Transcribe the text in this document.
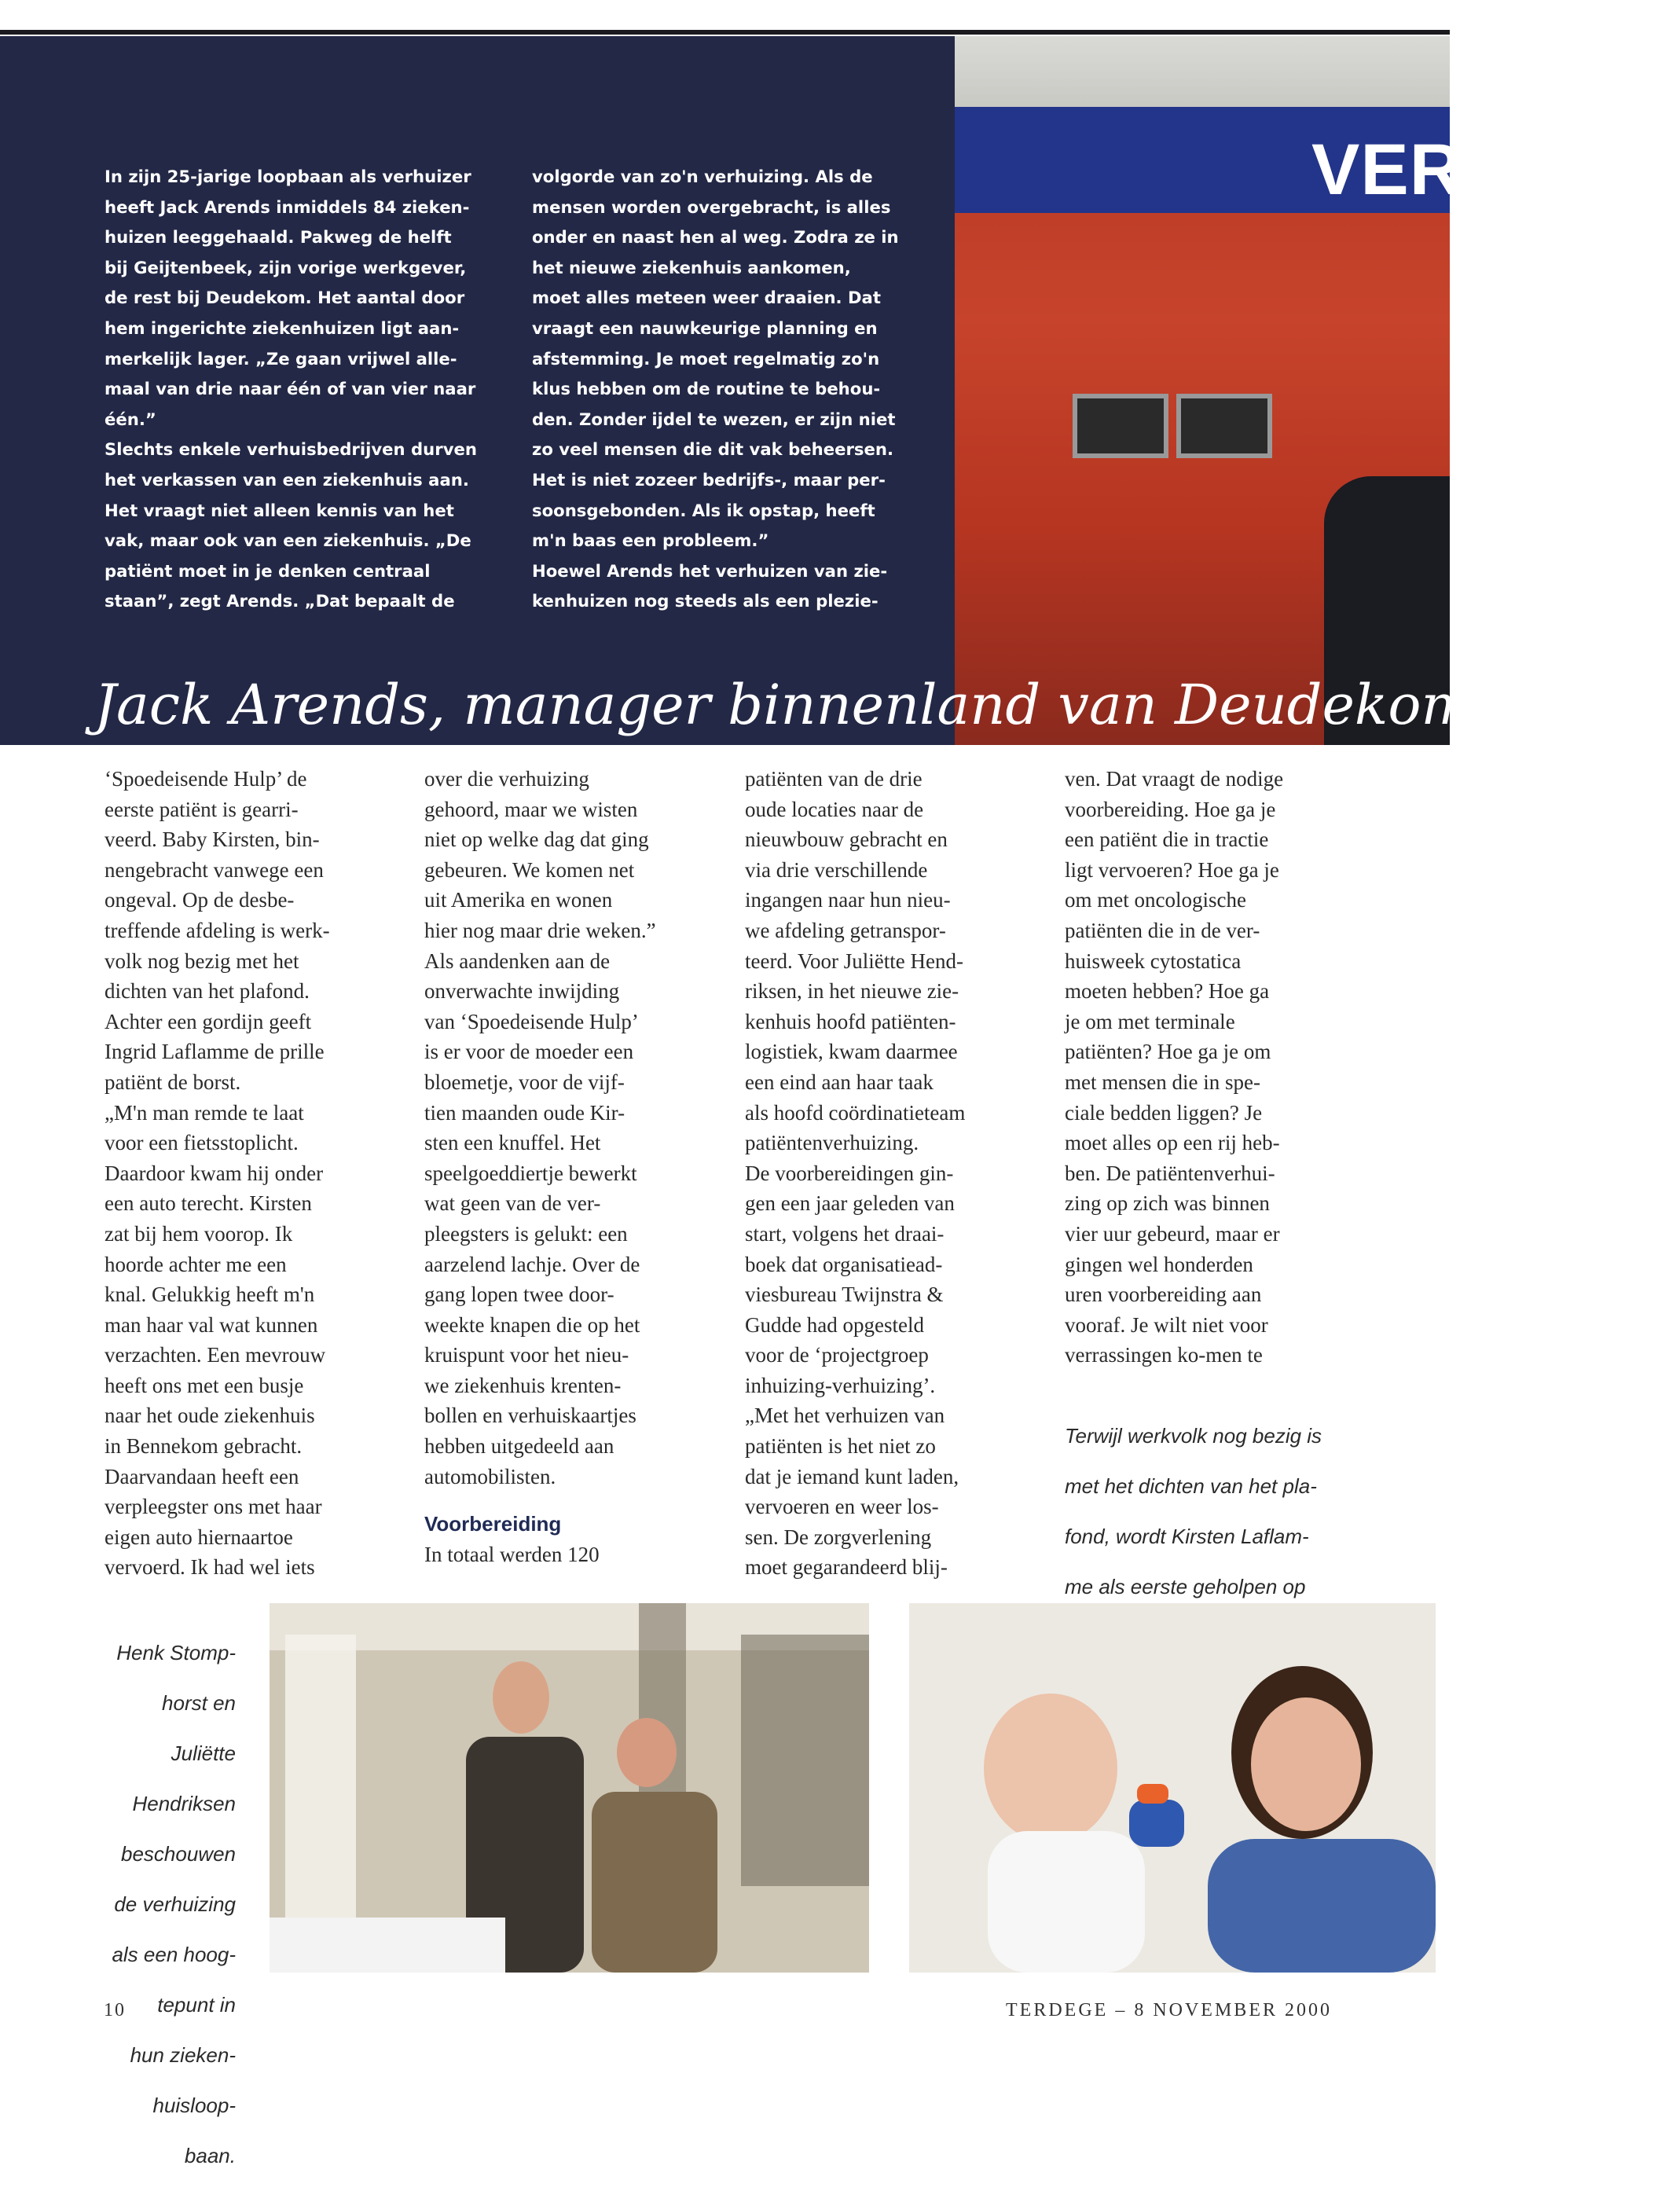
VERI

In zijn 25-jarige loopbaan als verhuizer

heeft Jack Arends inmiddels 84 zieken-

huizen leeggehaald. Pakweg de helft

bij Geijtenbeek, zijn vorige werkgever,

de rest bij Deudekom. Het aantal door

hem ingerichte ziekenhuizen ligt aan-

merkelijk lager. „Ze gaan vrijwel alle-

maal van drie naar één of van vier naar

één.”

Slechts enkele verhuisbedrijven durven

het verkassen van een ziekenhuis aan.

Het vraagt niet alleen kennis van het

vak, maar ook van een ziekenhuis. „De

patiënt moet in je denken centraal

staan”, zegt Arends. „Dat bepaalt de

volgorde van zo'n verhuizing. Als de

mensen worden overgebracht, is alles

onder en naast hen al weg. Zodra ze in

het nieuwe ziekenhuis aankomen,

moet alles meteen weer draaien. Dat

vraagt een nauwkeurige planning en

afstemming. Je moet regelmatig zo'n

klus hebben om de routine te behou-

den. Zonder ijdel te wezen, er zijn niet

zo veel mensen die dit vak beheersen.

Het is niet zozeer bedrijfs-, maar per-

soonsgebonden. Als ik opstap, heeft

m'n baas een probleem.”

Hoewel Arends het verhuizen van zie-

kenhuizen nog steeds als een plezie-

Jack Arends, manager binnenland van Deudekom: „Het t

‘Spoedeisende Hulp’ de

eerste patiënt is gearri-

veerd. Baby Kirsten, bin-

nengebracht vanwege een

ongeval. Op de desbe-

treffende afdeling is werk-

volk nog bezig met het

dichten van het plafond.

Achter een gordijn geeft

Ingrid Laflamme de prille

patiënt de borst.

„M'n man remde te laat

voor een fietsstoplicht.

Daardoor kwam hij onder

een auto terecht. Kirsten

zat bij hem voorop. Ik

hoorde achter me een

knal. Gelukkig heeft m'n

man haar val wat kunnen

verzachten. Een mevrouw

heeft ons met een busje

naar het oude ziekenhuis

in Bennekom gebracht.

Daarvandaan heeft een

verpleegster ons met haar

eigen auto hiernaartoe

vervoerd. Ik had wel iets

over die verhuizing

gehoord, maar we wisten

niet op welke dag dat ging

gebeuren. We komen net

uit Amerika en wonen

hier nog maar drie weken.”

Als aandenken aan de

onverwachte inwijding

van ‘Spoedeisende Hulp’

is er voor de moeder een

bloemetje, voor de vijf-

tien maanden oude Kir-

sten een knuffel. Het

speelgoeddiertje bewerkt

wat geen van de ver-

pleegsters is gelukt: een

aarzelend lachje. Over de

gang lopen twee door-

weekte knapen die op het

kruispunt voor het nieu-

we ziekenhuis krenten-

bollen en verhuiskaartjes

hebben uitgedeeld aan

automobilisten.

Voorbereiding

In totaal werden 120

patiënten van de drie

oude locaties naar de

nieuwbouw gebracht en

via drie verschillende

ingangen naar hun nieu-

we afdeling getranspor-

teerd. Voor Juliëtte Hend-

riksen, in het nieuwe zie-

kenhuis hoofd patiënten-

logistiek, kwam daarmee

een eind aan haar taak

als hoofd coördinatieteam

patiëntenverhuizing.

De voorbereidingen gin-

gen een jaar geleden van

start, volgens het draai-

boek dat organisatiead-

viesbureau Twijnstra &

Gudde had opgesteld

voor de ‘projectgroep

inhuizing-verhuizing’.

„Met het verhuizen van

patiënten is het niet zo

dat je iemand kunt laden,

vervoeren en weer los-

sen. De zorgverlening

moet gegarandeerd blij-

ven. Dat vraagt de nodige

voorbereiding. Hoe ga je

een patiënt die in tractie

ligt vervoeren? Hoe ga je

om met oncologische

patiënten die in de ver-

huisweek cytostatica

moeten hebben? Hoe ga

je om met terminale

patiënten? Hoe ga je om

met mensen die in spe-

ciale bedden liggen? Je

moet alles op een rij heb-

ben. De patiëntenverhui-

zing op zich was binnen

vier uur gebeurd, maar er

gingen wel honderden

uren voorbereiding aan

vooraf. Je wilt niet voor

verrassingen ko-men te

Terwijl werkvolk nog bezig is

met het dichten van het pla-

fond, wordt Kirsten Laflam-

me als eerste geholpen op

Henk Stomp-

horst en

Juliëtte

Hendriksen

beschouwen

de verhuizing

als een hoog-

tepunt in

hun zieken-

huisloop-

baan.

10	TERDEGE – 8 NOVEMBER 2000
